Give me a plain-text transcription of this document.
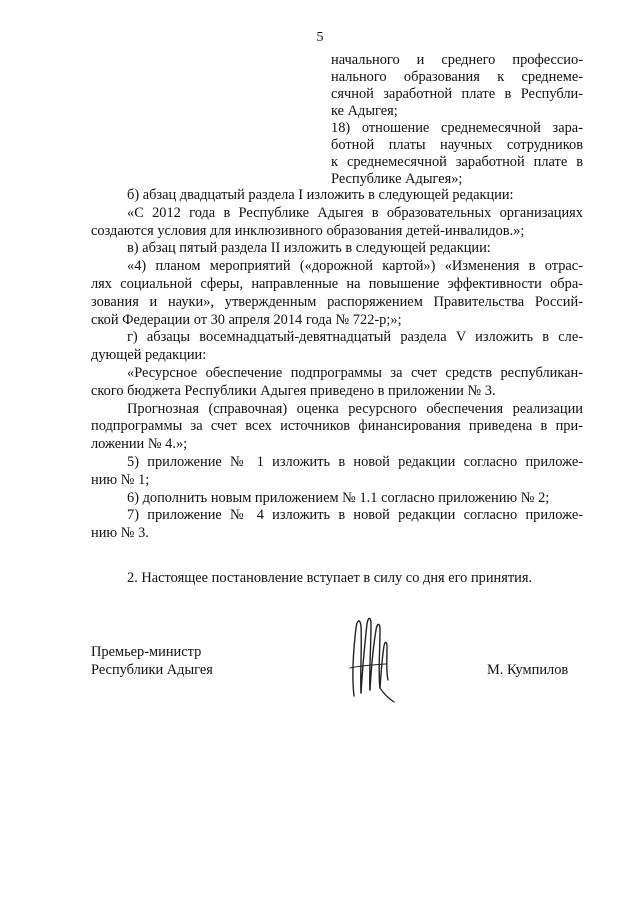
5
начального и среднего профессио-
нального образования к среднеме-
сячной заработной плате в Республи-
ке Адыгея;
18) отношение среднемесячной зара-
ботной платы научных сотрудников
к среднемесячной заработной плате в
Республике Адыгея»;

б) абзац двадцатый раздела I изложить в следующей редакции:

«С 2012 года в Республике Адыгея в образовательных организациях
создаются условия для инклюзивного образования детей-инвалидов.»;

в) абзац пятый раздела II изложить в следующей редакции:

«4) планом мероприятий («дорожной картой») «Изменения в отрас-
лях социальной сферы, направленные на повышение эффективности обра-
зования и науки», утвержденным распоряжением Правительства Россий-
ской Федерации от 30 апреля 2014 года № 722-р;»;

г) абзацы восемнадцатый-девятнадцатый раздела V изложить в сле-
дующей редакции:

«Ресурсное обеспечение подпрограммы за счет средств республикан-
ского бюджета Республики Адыгея приведено в приложении № 3.

Прогнозная (справочная) оценка ресурсного обеспечения реализации
подпрограммы за счет всех источников финансирования приведена в при-
ложении № 4.»;

5) приложение № 1 изложить в новой редакции согласно приложе-
нию № 1;

6) дополнить новым приложением № 1.1 согласно приложению № 2;

7) приложение № 4 изложить в новой редакции согласно приложе-
нию № 3.

2. Настоящее постановление вступает в силу со дня его принятия.

Премьер-министр
Республики Адыгея	М. Кумпилов
